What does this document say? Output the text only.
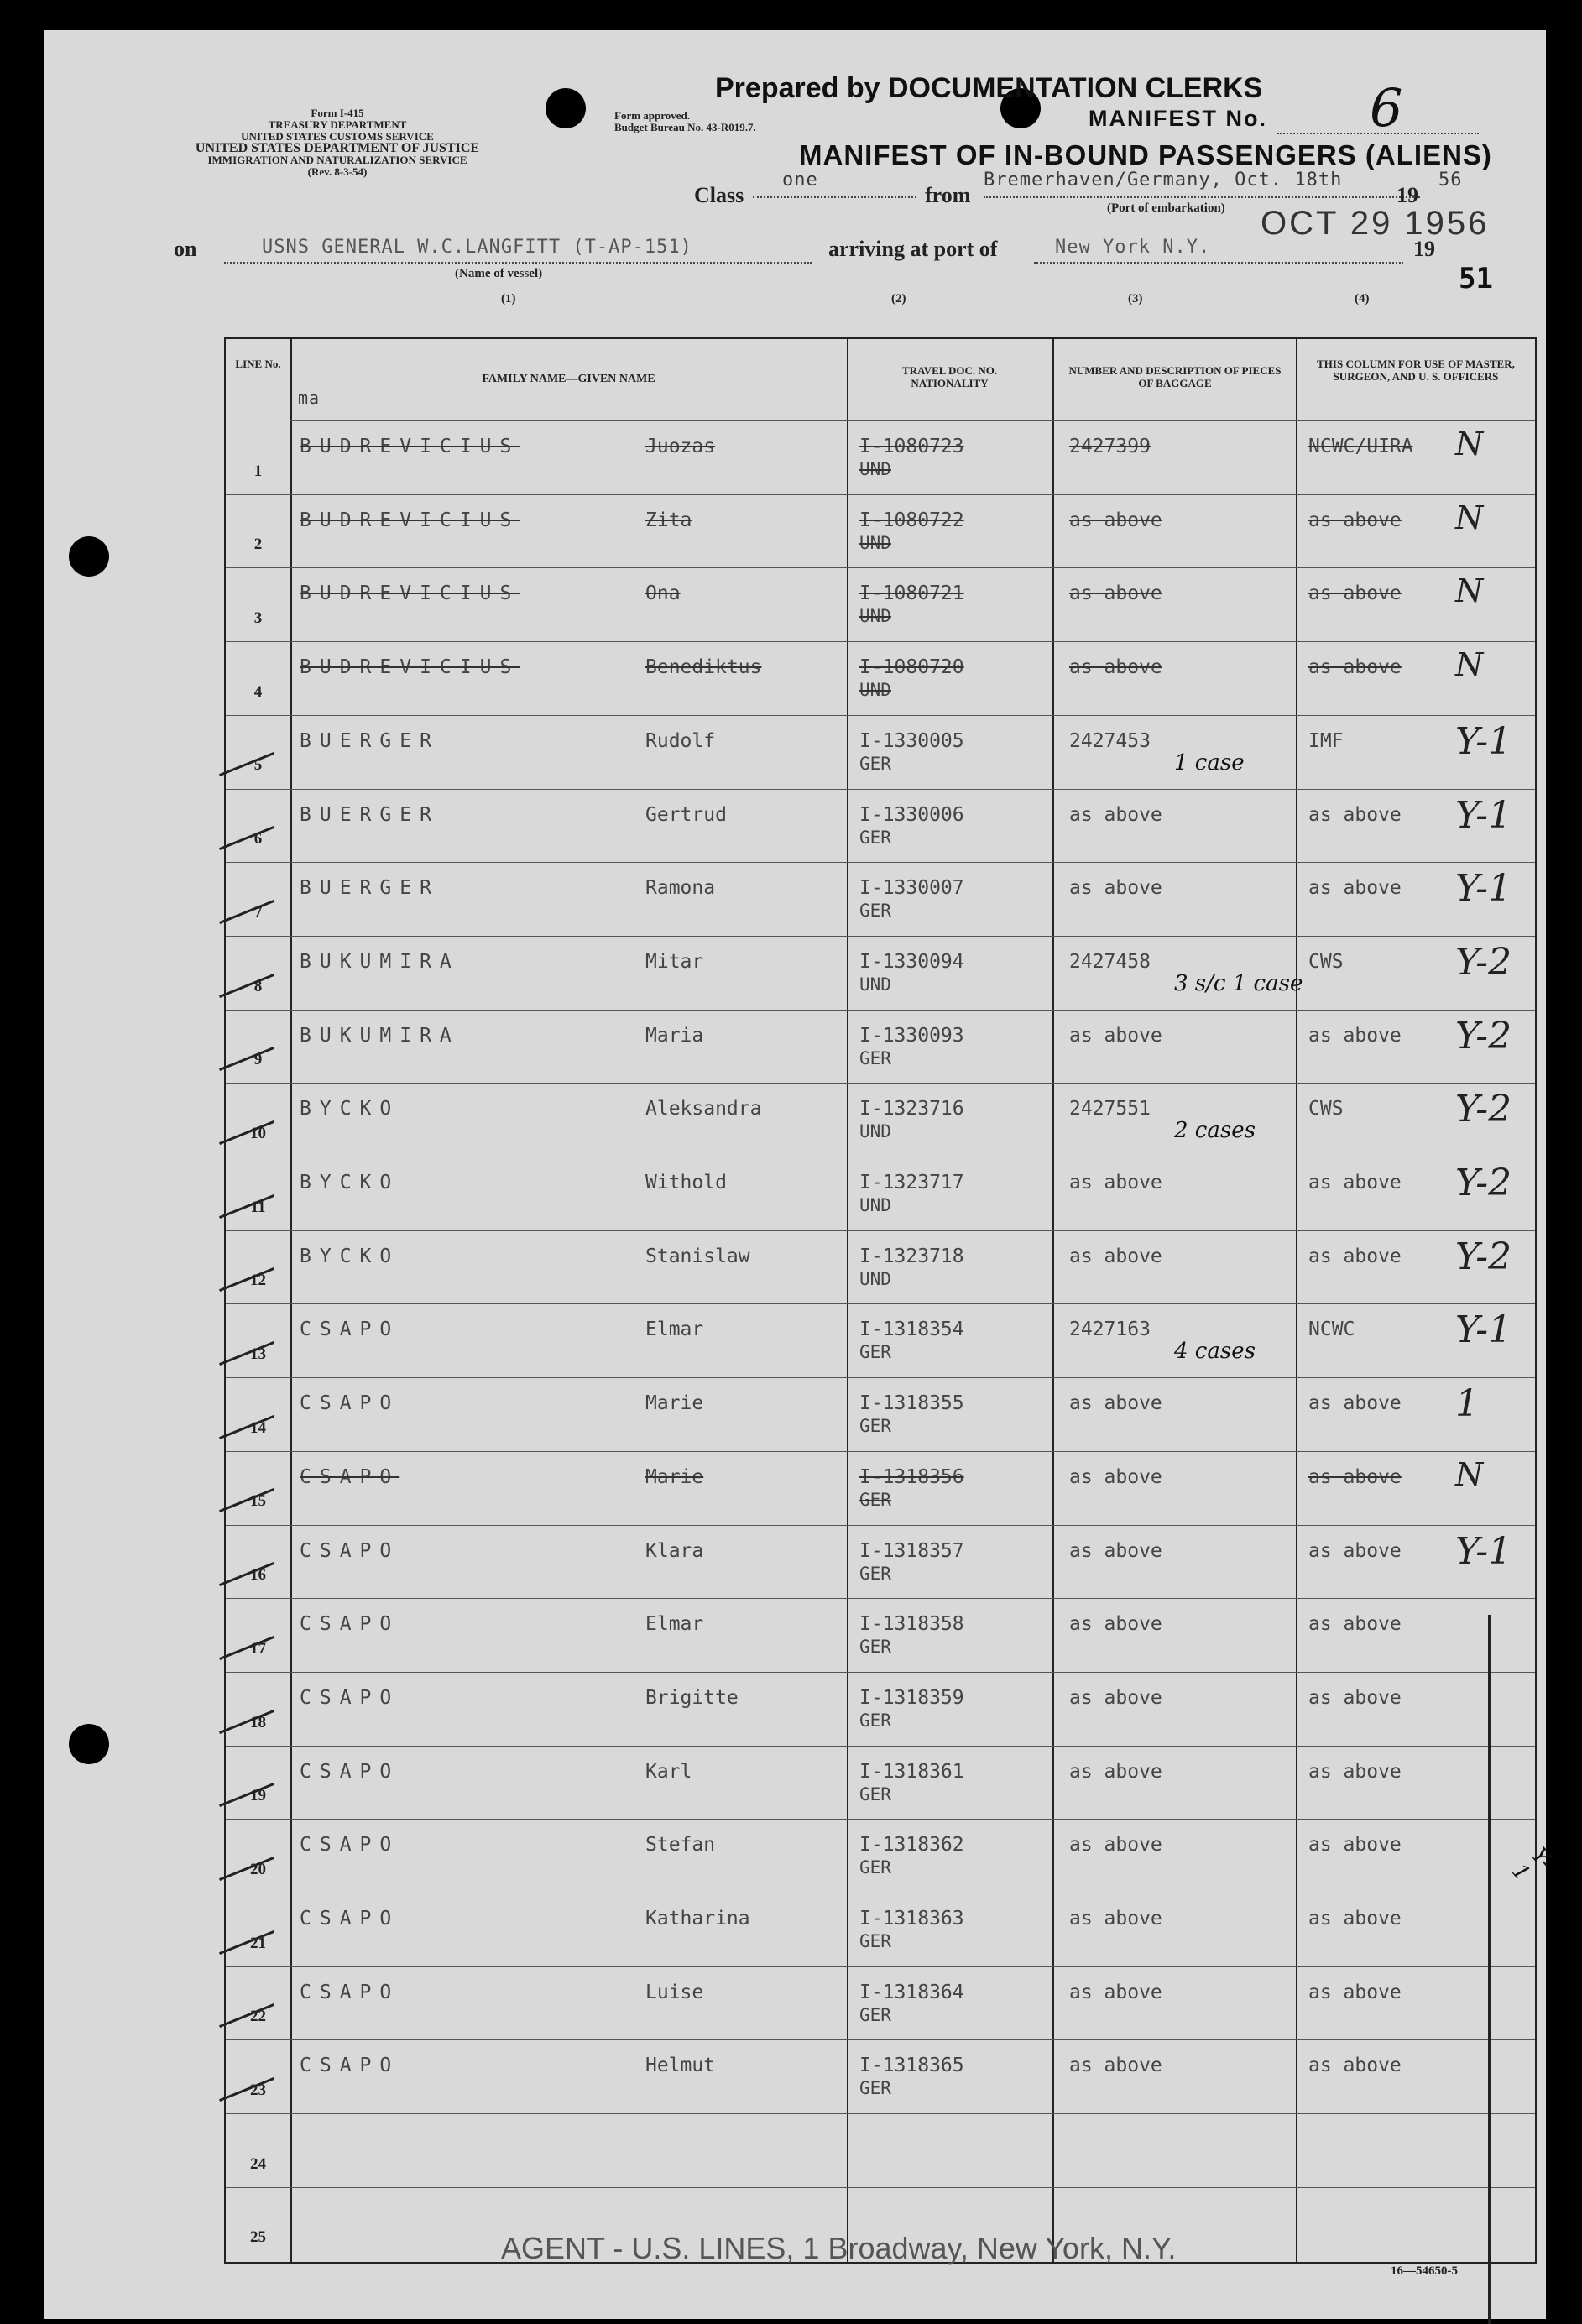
Prepared by DOCUMENTATION CLERKS
Form I-415
TREASURY DEPARTMENT
UNITED STATES CUSTOMS SERVICE
UNITED STATES DEPARTMENT OF JUSTICE
IMMIGRATION AND NATURALIZATION SERVICE
(Rev. 8-3-54)
Form approved.
Budget Bureau No. 43-R019.7.	MANIFEST No. 6
MANIFEST OF IN-BOUND PASSENGERS (ALIENS)
Class
one
from
Bremerhaven/Germany, Oct. 18th
19
56
(Port of embarkation) OCT 29 1956
on	USNS GENERAL W.C.LANGFITT (T-AP-151)
(Name of vessel)
arriving at port of	New York N.Y.	19
51
(1)	(2)	(3)	(4)
LINE No.
FAMILY NAME—GIVEN NAME
ma
TRAVEL DOC. NO. NATIONALITY
NUMBER AND DESCRIPTION OF PIECES OF BAGGAGE
THIS COLUMN FOR USE OF MASTER, SURGEON, AND U. S. OFFICERS
1
BUDREVICIUS	Juozas	I-1080723
UND
2427399	NCWC/UIRA N
2
BUDREVICIUS	Zita	I-1080722
UND
as above	as above N
3
BUDREVICIUS	Ona	I-1080721
UND
as above	as above N
4
BUDREVICIUS	Benediktus	I-1080720
UND
as above	as above N
5
BUERGER	Rudolf	I-1330005
GER
2427453
1 case
IMF	Y-1
6
BUERGER	Gertrud	I-1330006
GER
as above	as above Y-1
7
BUERGER	Ramona	I-1330007
GER
as above	as above Y-1
8
BUKUMIRA	Mitar	I-1330094
UND
2427458
3 s/c 1 case
CWS	Y-2
9
BUKUMIRA	Maria	I-1330093
GER
as above	as above Y-2
10
BYCKO	Aleksandra	I-1323716
UND
2427551
2 cases
CWS	Y-2
11
BYCKO	Withold	I-1323717
UND
as above	as above Y-2
12
BYCKO	Stanislaw	I-1323718
UND
as above	as above Y-2
13
CSAPO	Elmar	I-1318354
GER
2427163
4 cases
NCWC	Y-1
14
CSAPO	Marie	I-1318355
GER
as above	as above 1
15
CSAPO	Marie	I-1318356
GER
as above	as above N
16
CSAPO	Klara	I-1318357
GER
as above	as above Y-1
17
CSAPO	Elmar	I-1318358
GER
as above	as above
18
CSAPO	Brigitte	I-1318359
GER
as above	as above
19
CSAPO	Karl	I-1318361
GER
as above	as above
20
CSAPO	Stefan	I-1318362
GER
as above	as above
21
CSAPO	Katharina	I-1318363
GER
as above	as above
22
CSAPO	Luise	I-1318364
GER
as above	as above
23
CSAPO	Helmut	I-1318365
GER
as above	as above
24
25
Y-1
AGENT - U.S. LINES, 1 Broadway, New York, N.Y.
16—54650-5
